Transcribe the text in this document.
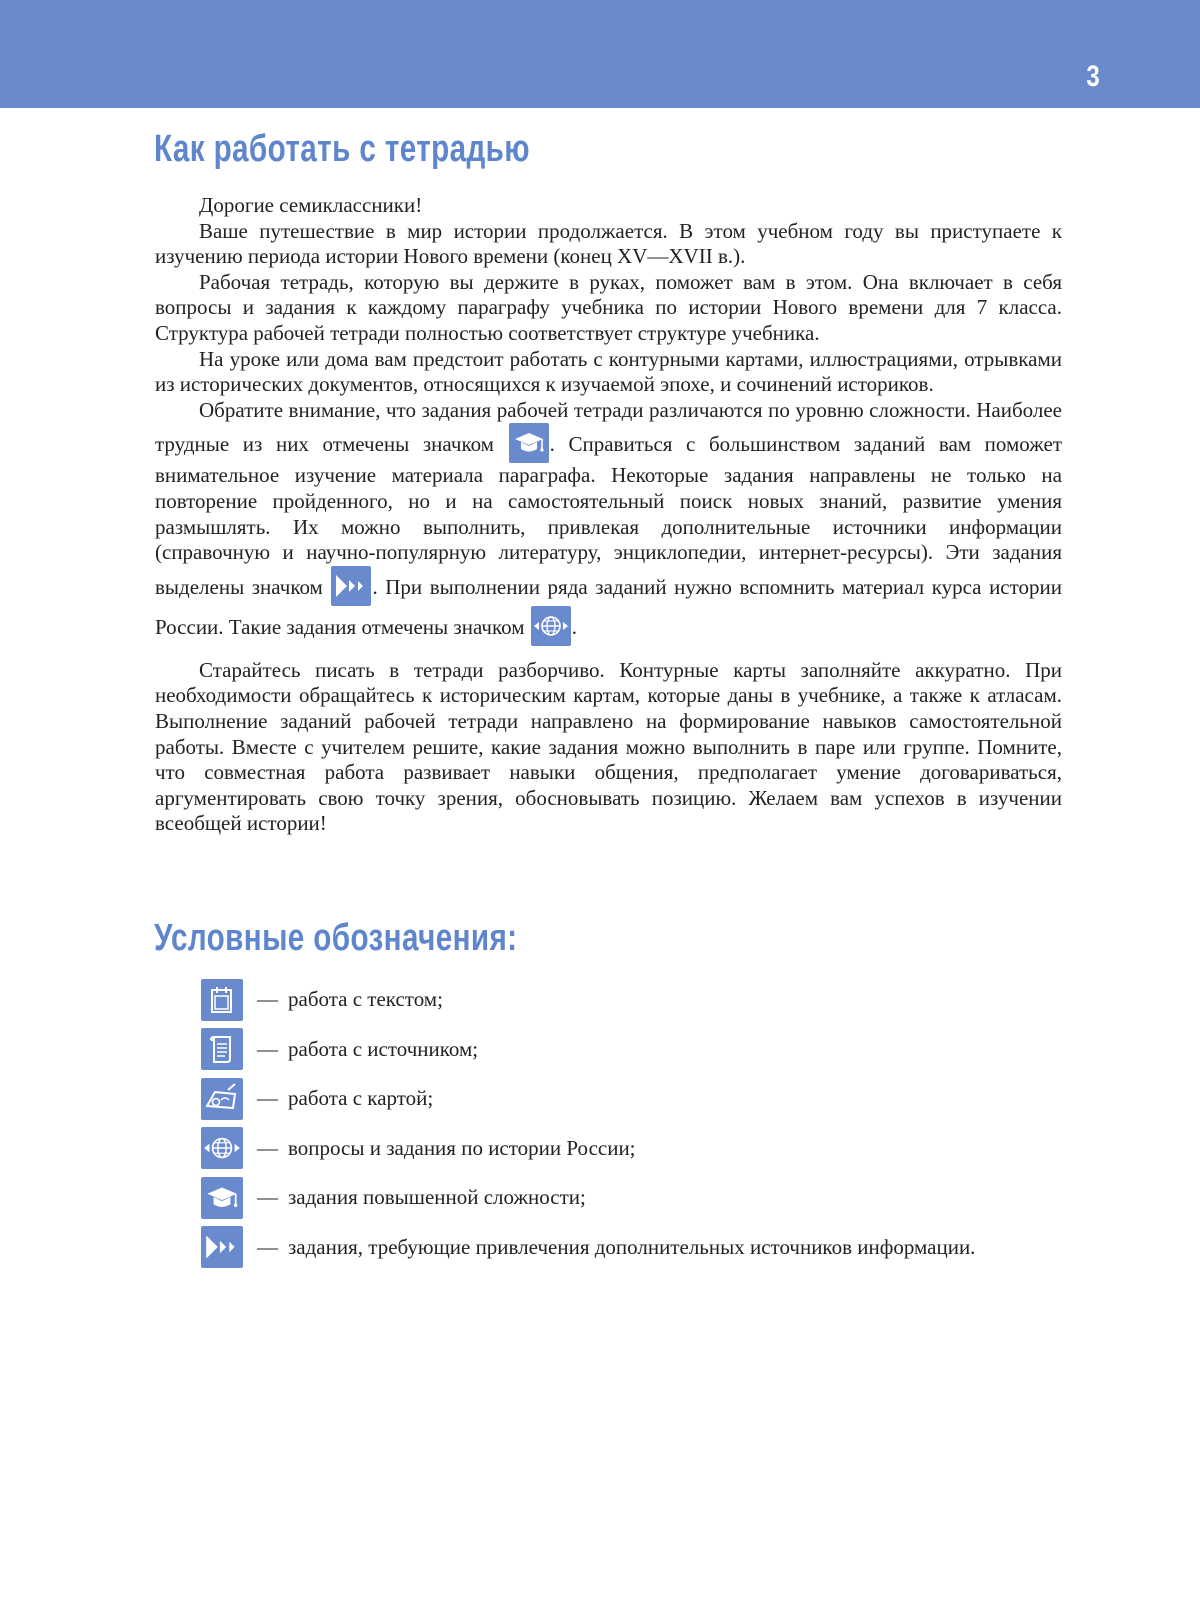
3
Как работать с тетрадью

Дорогие семиклассники!

Ваше путешествие в мир истории продолжается. В этом учебном году вы приступаете к изучению периода истории Нового времени (конец XV—XVII в.).

Рабочая тетрадь, которую вы держите в руках, поможет вам в этом. Она включает в себя вопросы и задания к каждому параграфу учебника по истории Нового времени для 7 класса. Структура рабочей тетради полностью соответствует структуре учебника.

На уроке или дома вам предстоит работать с контурными картами, иллюстрациями, отрывками из исторических документов, относящихся к изучаемой эпохе, и сочинений историков.

Обратите внимание, что задания рабочей тетради различаются по уровню сложности. Наиболее трудные из них отмечены значком	. Справиться с большинством заданий вам поможет внимательное изучение материала параграфа. Некоторые задания направлены не только на повторение пройденного, но и на самостоятельный поиск новых знаний, развитие умения размышлять. Их можно выполнить, привлекая дополнительные источники информации (справочную и научно-популярную литературу, энциклопедии, интернет-ресурсы). Эти задания выделены значком . При выполнении ряда заданий нужно вспомнить материал курса истории России. Такие задания отмечены значком .

Старайтесь писать в тетради разборчиво. Контурные карты заполняйте аккуратно. При необходимости обращайтесь к историческим картам, которые даны в учебнике, а также к атласам. Выполнение заданий рабочей тетради направлено на формирование навыков самостоятельной работы. Вместе с учителем решите, какие задания можно выполнить в паре или группе. Помните, что совместная работа развивает навыки общения, предполагает умение договариваться, аргументировать свою точку зрения, обосновывать позицию. Желаем вам успехов в изучении всеобщей истории!

Условные обозначения:
— работа с текстом;
— работа с источником;
— работа с картой;
— вопросы и задания по истории России;
— задания повышенной сложности;
— задания, требующие привлечения дополнительных источников информации.
